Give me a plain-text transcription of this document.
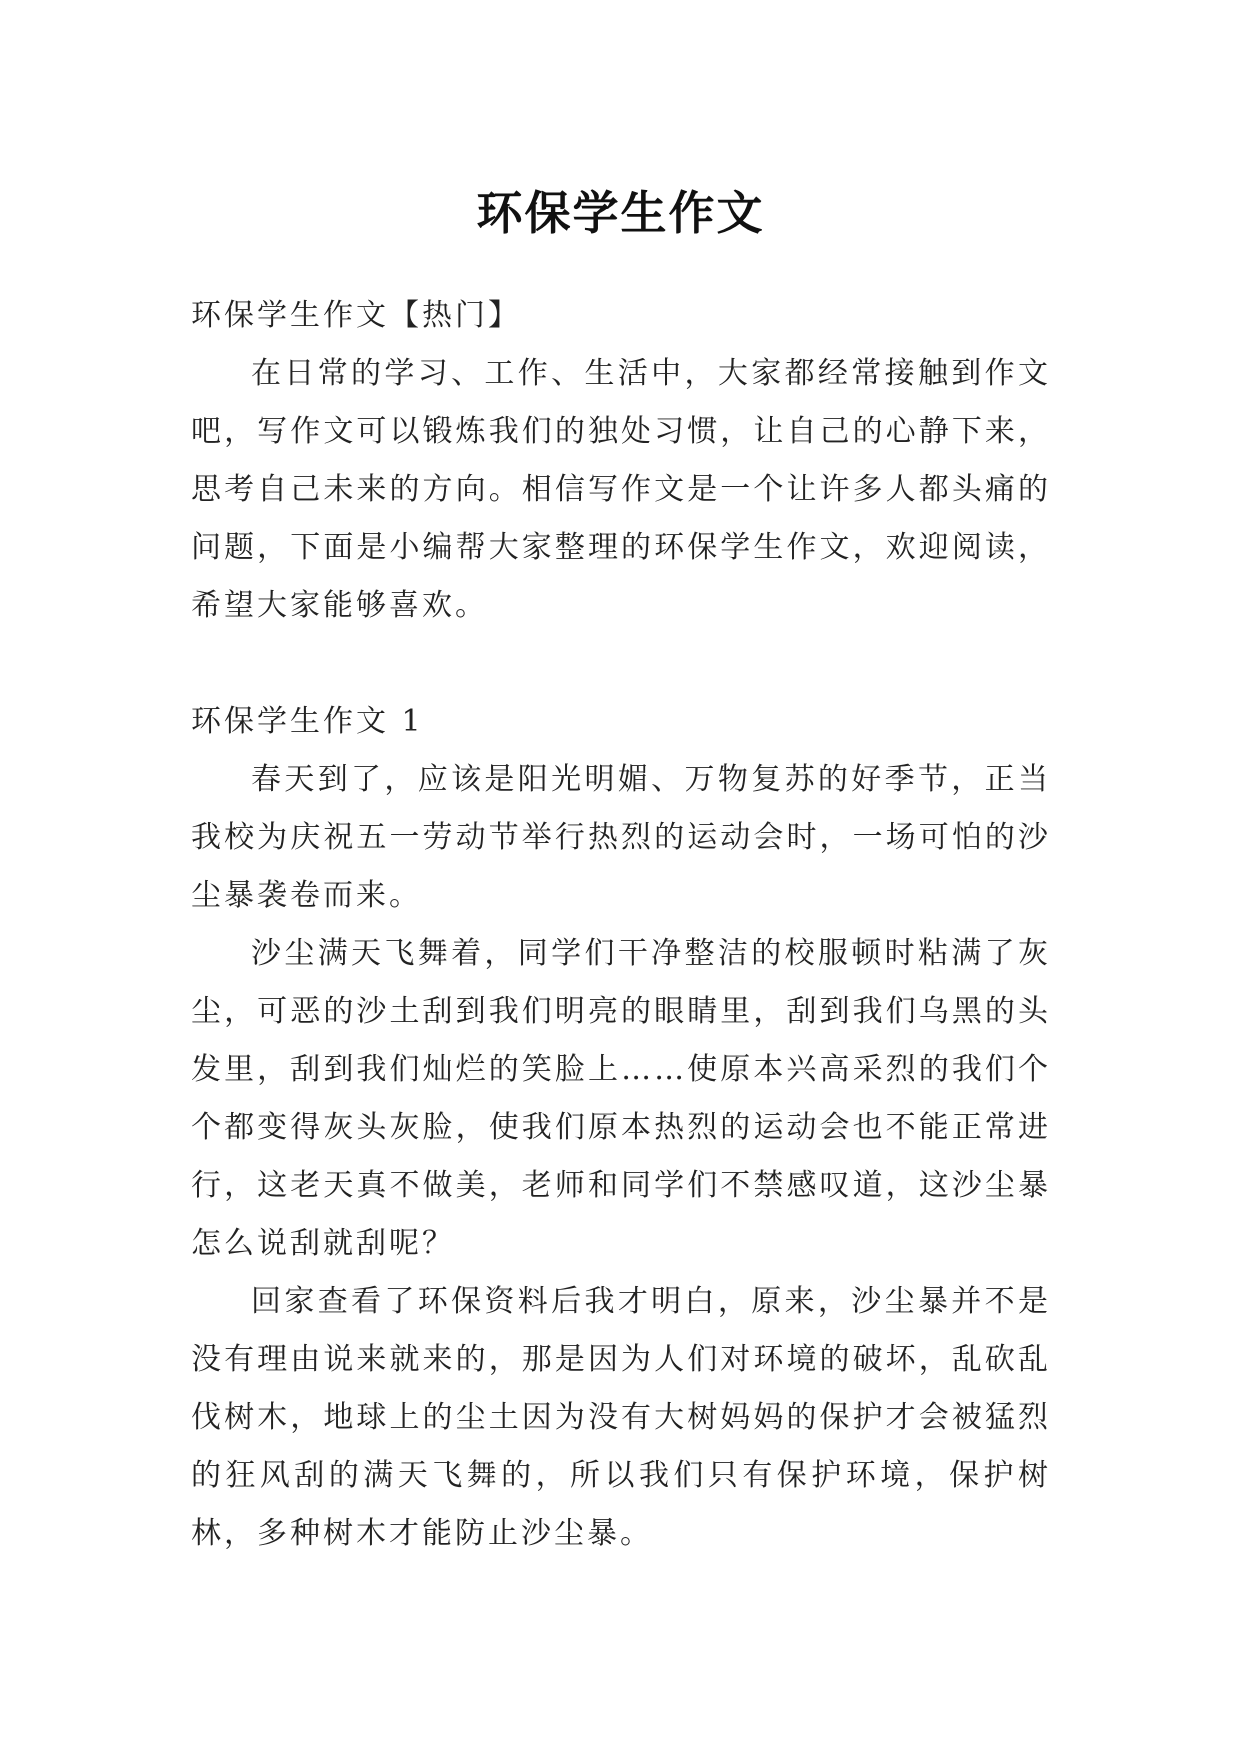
环保学生作文

环保学生作文【热门】

在日常的学习、工作、生活中，大家都经常接触到作文吧，写作文可以锻炼我们的独处习惯，让自己的心静下来，思考自己未来的方向。相信写作文是一个让许多人都头痛的问题，下面是小编帮大家整理的环保学生作文，欢迎阅读，希望大家能够喜欢。

环保学生作文 1

春天到了，应该是阳光明媚、万物复苏的好季节，正当我校为庆祝五一劳动节举行热烈的运动会时，一场可怕的沙尘暴袭卷而来。

沙尘满天飞舞着，同学们干净整洁的校服顿时粘满了灰尘，可恶的沙土刮到我们明亮的眼睛里，刮到我们乌黑的头发里，刮到我们灿烂的笑脸上……使原本兴高采烈的我们个个都变得灰头灰脸，使我们原本热烈的运动会也不能正常进行，这老天真不做美，老师和同学们不禁感叹道，这沙尘暴怎么说刮就刮呢？

回家查看了环保资料后我才明白，原来，沙尘暴并不是没有理由说来就来的，那是因为人们对环境的破坏，乱砍乱伐树木，地球上的尘土因为没有大树妈妈的保护才会被猛烈的狂风刮的满天飞舞的，所以我们只有保护环境，保护树林，多种树木才能防止沙尘暴。
